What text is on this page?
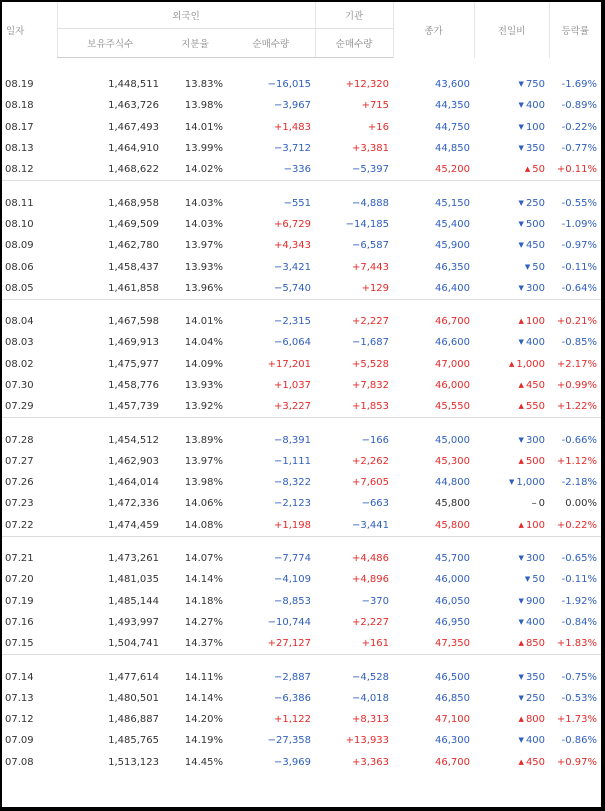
일자	외국인			기관	종가	전일비	등락률
	보유주식수	지분율	순매수량	순매수량			

08.19	1,448,511	13.83%	−16,015	+12,320	43,600	▼ 750	-1.69%
08.18	1,463,726	13.98%	−3,967	+715	44,350	▼ 400	-0.89%
08.17	1,467,493	14.01%	+1,483	+16	44,750	▼ 100	-0.22%
08.13	1,464,910	13.99%	−3,712	+3,381	44,850	▼ 350	-0.77%
08.12	1,468,622	14.02%	−336	−5,397	45,200	▲ 50	+0.11%

08.11	1,468,958	14.03%	−551	−4,888	45,150	▼ 250	-0.55%
08.10	1,469,509	14.03%	+6,729	−14,185	45,400	▼ 500	-1.09%
08.09	1,462,780	13.97%	+4,343	−6,587	45,900	▼ 450	-0.97%
08.06	1,458,437	13.93%	−3,421	+7,443	46,350	▼ 50	-0.11%
08.05	1,461,858	13.96%	−5,740	+129	46,400	▼ 300	-0.64%

08.04	1,467,598	14.01%	−2,315	+2,227	46,700	▲ 100	+0.21%
08.03	1,469,913	14.04%	−6,064	−1,687	46,600	▼ 400	-0.85%
08.02	1,475,977	14.09%	+17,201	+5,528	47,000	▲ 1,000	+2.17%
07.30	1,458,776	13.93%	+1,037	+7,832	46,000	▲ 450	+0.99%
07.29	1,457,739	13.92%	+3,227	+1,853	45,550	▲ 550	+1.22%

07.28	1,454,512	13.89%	−8,391	−166	45,000	▼ 300	-0.66%
07.27	1,462,903	13.97%	−1,111	+2,262	45,300	▲ 500	+1.12%
07.26	1,464,014	13.98%	−8,322	+7,605	44,800	▼ 1,000	-2.18%
07.23	1,472,336	14.06%	−2,123	−663	45,800	– 0	0.00%
07.22	1,474,459	14.08%	+1,198	−3,441	45,800	▲ 100	+0.22%

07.21	1,473,261	14.07%	−7,774	+4,486	45,700	▼ 300	-0.65%
07.20	1,481,035	14.14%	−4,109	+4,896	46,000	▼ 50	-0.11%
07.19	1,485,144	14.18%	−8,853	−370	46,050	▼ 900	-1.92%
07.16	1,493,997	14.27%	−10,744	+2,227	46,950	▼ 400	-0.84%
07.15	1,504,741	14.37%	+27,127	+161	47,350	▲ 850	+1.83%

07.14	1,477,614	14.11%	−2,887	−4,528	46,500	▼ 350	-0.75%
07.13	1,480,501	14.14%	−6,386	−4,018	46,850	▼ 250	-0.53%
07.12	1,486,887	14.20%	+1,122	+8,313	47,100	▲ 800	+1.73%
07.09	1,485,765	14.19%	−27,358	+13,933	46,300	▼ 400	-0.86%
07.08	1,513,123	14.45%	−3,969	+3,363	46,700	▲ 450	+0.97%
